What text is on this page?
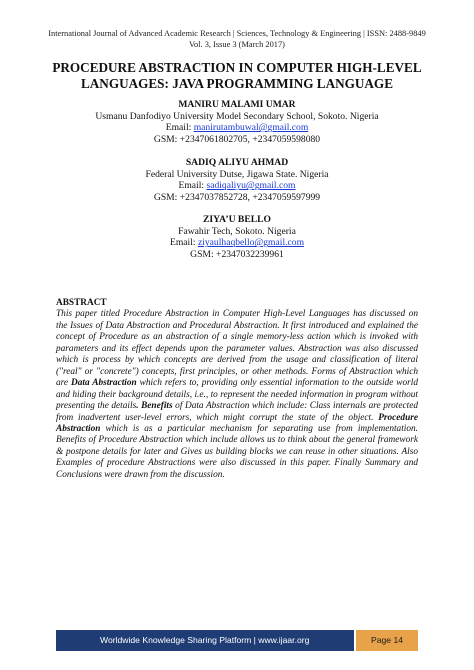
International Journal of Advanced Academic Research | Sciences, Technology & Engineering | ISSN: 2488-9849
Vol. 3, Issue 3 (March 2017)
PROCEDURE ABSTRACTION IN COMPUTER HIGH-LEVEL
LANGUAGES: JAVA PROGRAMMING LANGUAGE
MANIRU MALAMI UMAR
Usmanu Danfodiyo University Model Secondary School, Sokoto. Nigeria
Email: manirutambuwal@gmail.com
GSM: +2347061802705, +2347059598080
SADIQ ALIYU AHMAD
Federal University Dutse, Jigawa State. Nigeria
Email: sadiqaliyu@gmail.com
GSM: +2347037852728, +2347059597999
ZIYA’U BELLO
Fawahir Tech, Sokoto. Nigeria
Email: ziyaulhaqbello@gmail.com
GSM: +2347032239961
ABSTRACT
This paper titled Procedure Abstraction in Computer High-Level Languages has discussed on the Issues of Data Abstraction and Procedural Abstraction. It first introduced and explained the concept of Procedure as an abstraction of a single memory-less action which is invoked with parameters and its effect depends upon the parameter values. Abstraction was also discussed which is process by which concepts are derived from the usage and classification of literal ("real" or "concrete") concepts, first principles, or other methods. Forms of Abstraction which are Data Abstraction which refers to, providing only essential information to the outside world and hiding their background details, i.e., to represent the needed information in program without presenting the details. Benefits of Data Abstraction which include: Class internals are protected from inadvertent user-level errors, which might corrupt the state of the object. Procedure Abstraction which is as a particular mechanism for separating use from implementation. Benefits of Procedure Abstraction which include allows us to think about the general framework & postpone details for later and Gives us building blocks we can reuse in other situations. Also Examples of procedure Abstractions were also discussed in this paper. Finally Summary and Conclusions were drawn from the discussion.
Worldwide Knowledge Sharing Platform | www.ijaar.org	Page 14
